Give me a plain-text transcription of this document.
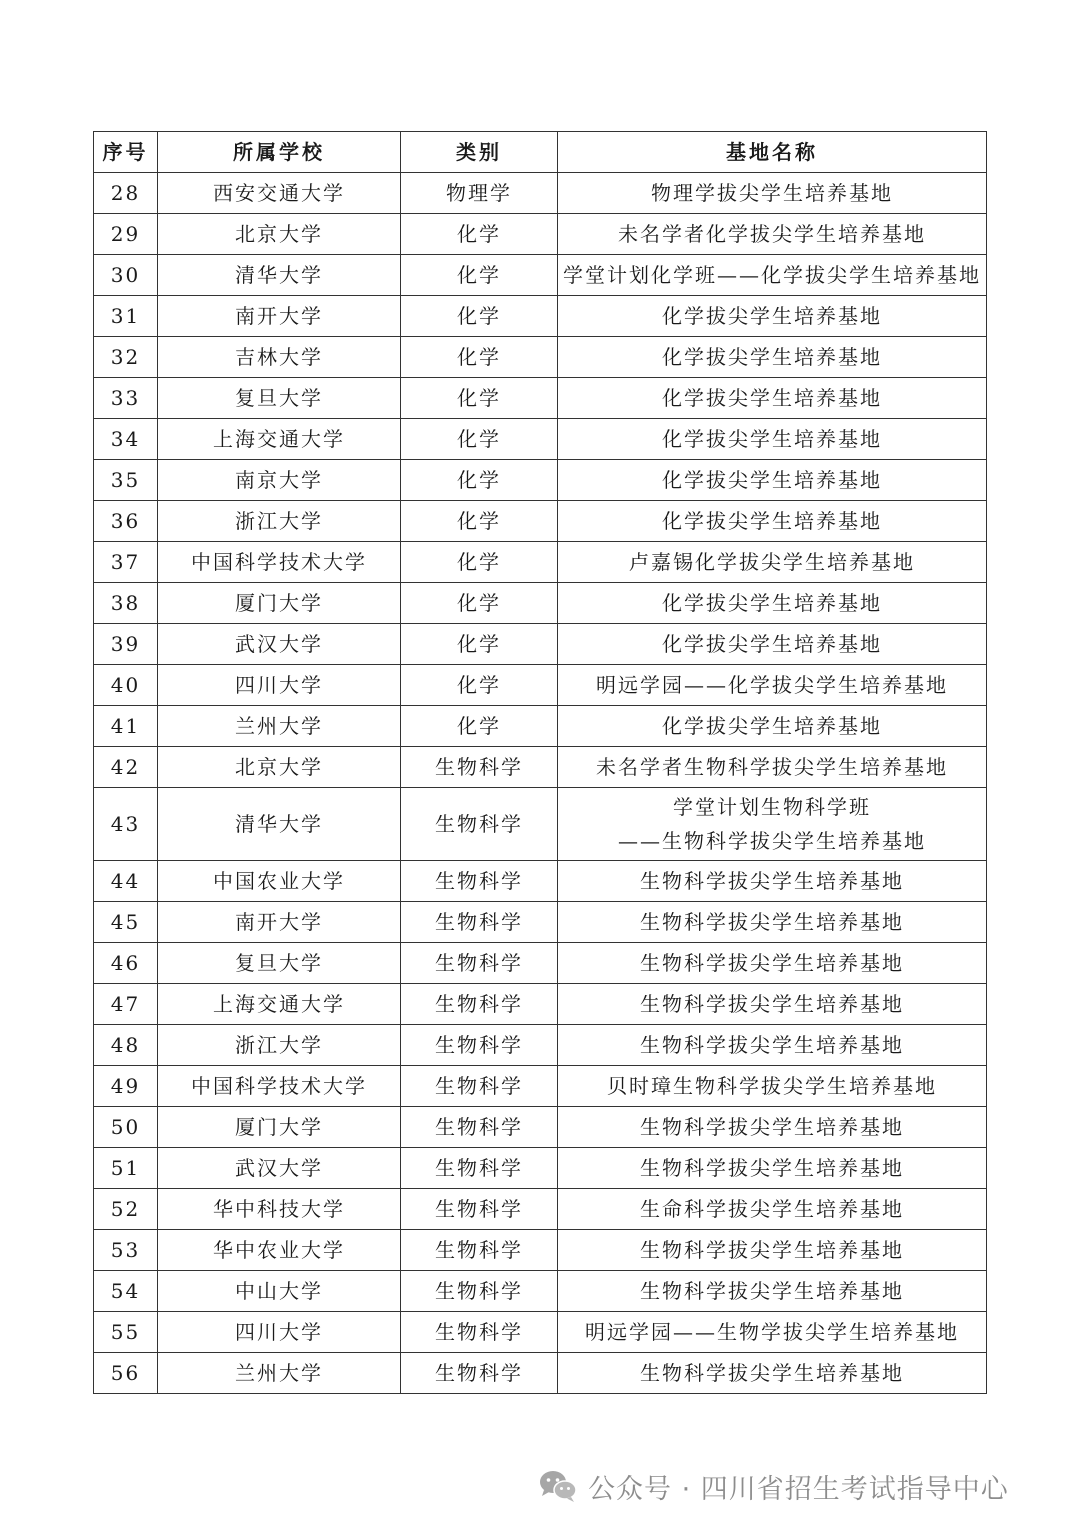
序号	所属学校	类别	基地名称
28	西安交通大学	物理学	物理学拔尖学生培养基地

29	北京大学	化学	未名学者化学拔尖学生培养基地

30	清华大学	化学	学堂计划化学班——化学拔尖学生培养基地

31	南开大学	化学	化学拔尖学生培养基地

32	吉林大学	化学	化学拔尖学生培养基地

33	复旦大学	化学	化学拔尖学生培养基地

34	上海交通大学	化学	化学拔尖学生培养基地

35	南京大学	化学	化学拔尖学生培养基地

36	浙江大学	化学	化学拔尖学生培养基地

37	中国科学技术大学	化学	卢嘉锡化学拔尖学生培养基地

38	厦门大学	化学	化学拔尖学生培养基地

39	武汉大学	化学	化学拔尖学生培养基地

40	四川大学	化学	明远学园——化学拔尖学生培养基地

41	兰州大学	化学	化学拔尖学生培养基地

42	北京大学	生物科学	未名学者生物科学拔尖学生培养基地

43	清华大学	生物科学	学堂计划生物科学班
——生物科学拔尖学生培养基地

44	中国农业大学	生物科学	生物科学拔尖学生培养基地

45	南开大学	生物科学	生物科学拔尖学生培养基地

46	复旦大学	生物科学	生物科学拔尖学生培养基地

47	上海交通大学	生物科学	生物科学拔尖学生培养基地

48	浙江大学	生物科学	生物科学拔尖学生培养基地

49	中国科学技术大学	生物科学	贝时璋生物科学拔尖学生培养基地

50	厦门大学	生物科学	生物科学拔尖学生培养基地

51	武汉大学	生物科学	生物科学拔尖学生培养基地

52	华中科技大学	生物科学	生命科学拔尖学生培养基地

53	华中农业大学	生物科学	生物科学拔尖学生培养基地

54	中山大学	生物科学	生物科学拔尖学生培养基地

55	四川大学	生物科学	明远学园——生物学拔尖学生培养基地

56	兰州大学	生物科学	生物科学拔尖学生培养基地
公众号 · 四川省招生考试指导中心
